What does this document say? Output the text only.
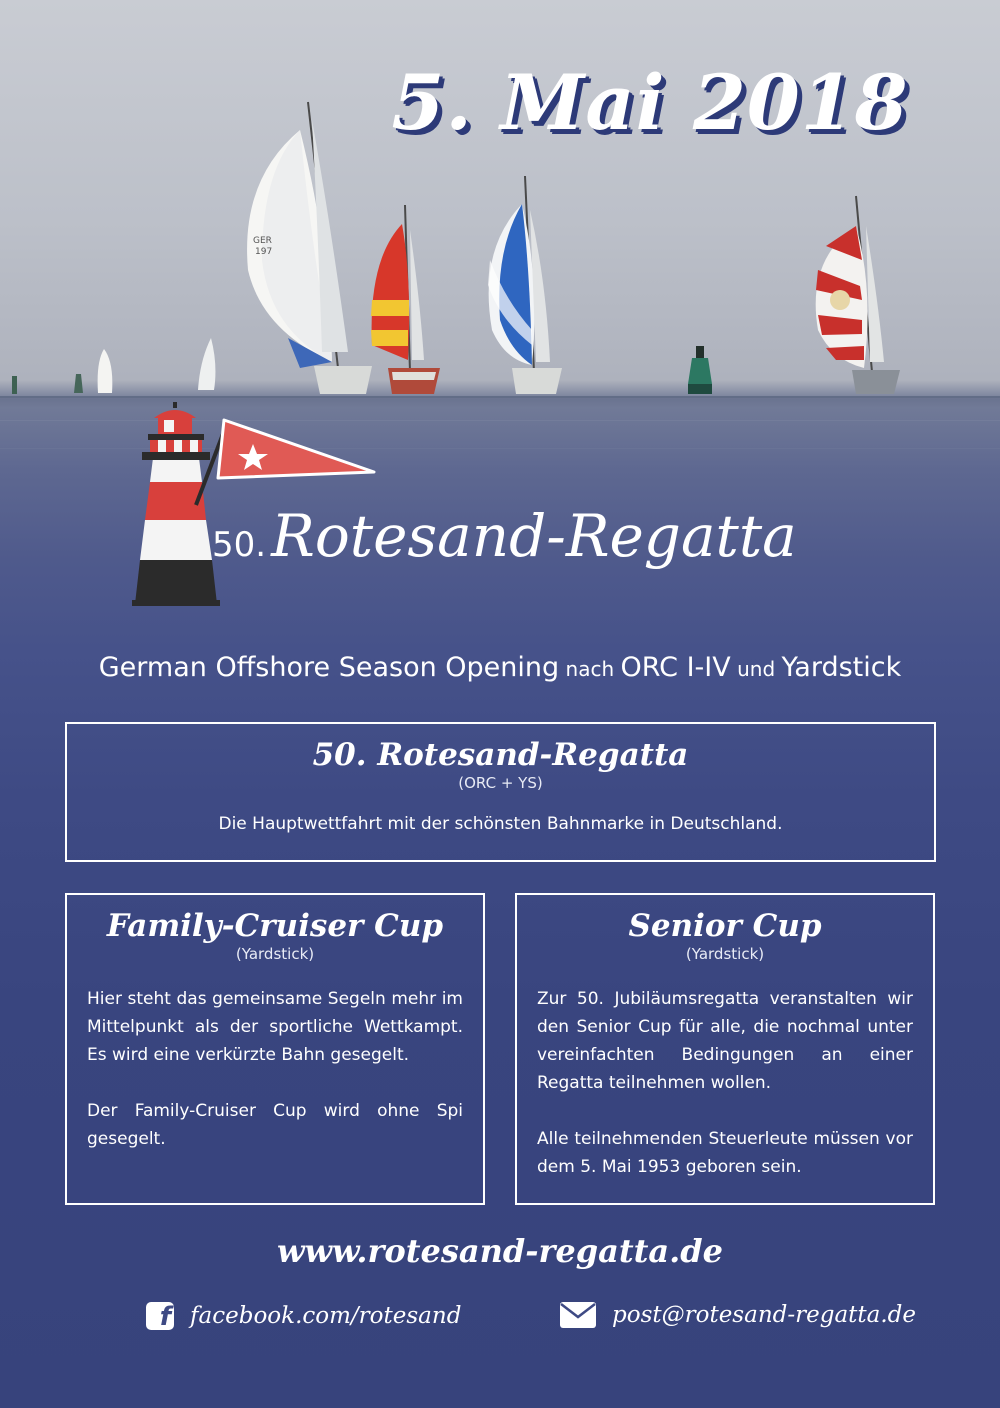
GER
197
5. Mai 2018
50. Rotesand-Regatta
German Offshore Season Opening nach ORC I-IV und Yardstick
50. Rotesand-Regatta
(ORC + YS)
Die Hauptwettfahrt mit der schönsten Bahnmarke in Deutschland.
Family-Cruiser Cup
(Yardstick)

Hier steht das gemeinsame Segeln mehr im Mittelpunkt als der sportliche Wettkampt. Es wird eine verkürzte Bahn gesegelt.

Der Family-Cruiser Cup wird ohne Spi gesegelt.

Senior Cup
(Yardstick)

Zur 50. Jubiläumsregatta veranstalten wir den Senior Cup für alle, die nochmal unter vereinfachten Bedingungen an einer Regatta teilnehmen wollen.

Alle teilnehmenden Steuerleute müssen vor dem 5. Mai 1953 geboren sein.

www.rotesand-regatta.de
f facebook.com/rotesand	post@rotesand-regatta.de
